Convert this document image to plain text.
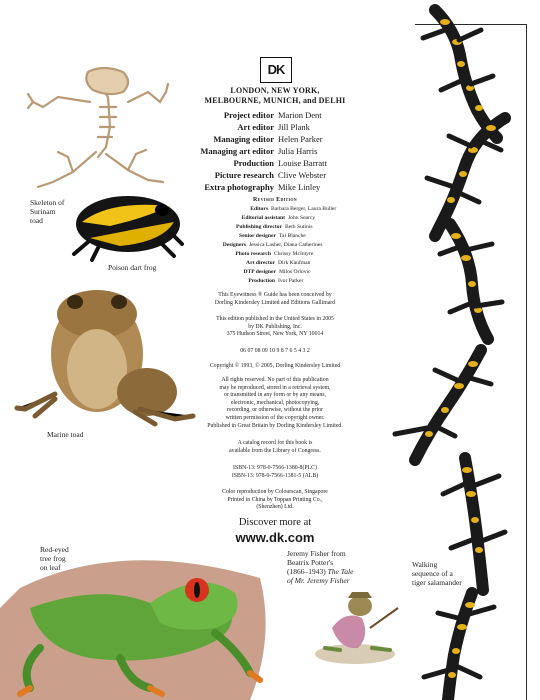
Skeleton of
Surinam
toad
Poison dart frog
Marine toad
Red-eyed
tree frog
on leaf
Jeremy Fisher from
Beatrix Potter's
(1866–1943) The Tale
of Mr. Jeremy Fisher
Walking
sequence of a
tiger salamander
DK
LONDON, NEW YORK,
MELBOURNE, MUNICH, and DELHI
Project editor Marion Dent
Art editor Jill Plank
Managing editor Helen Parker
Managing art editor Julia Harris
Production Louise Barratt
Picture research Clive Webster
Extra photography Mike Linley
Revised Edition
Editors Barbara Berger, Laura Buller
Editorial assistant John Searcy
Publishing director Beth Sutinis
Senior designer Tai Blanche
Designers Jessica Lasher, Diana Catherines
Photo research Chrissy McIntyre
Art director Dirk Kaufman
DTP designer Milos Orlovic
Production Ivor Parker
This Eyewitness ® Guide has been conceived by
Dorling Kindersley Limited and Editions Gallimard
This edition published in the United States in 2005
by DK Publishing, Inc.
375 Hudson Street, New York, NY 10014
06 07 08 09 10 9 8 7 6 5 4 3 2
Copyright © 1993, © 2005, Dorling Kindersley Limited
All rights reserved. No part of this publication
may be reproduced, stored in a retrieval system,
or transmitted in any form or by any means,
electronic, mechanical, photocopying,
recording, or otherwise, without the prior
written permission of the copyright owner.
Published in Great Britain by Dorling Kindersley Limited.
A catalog record for this book is
available from the Library of Congress.
ISBN-13: 978-0-7566-1380-8(PLC)
ISBN-13: 978-0-7566-1381-5 (ALB)
Color reproduction by Colourscan, Singapore
Printed in China by Toppan Printing Co.,
(Shenzhen) Ltd.
Discover more at
www.dk.com
